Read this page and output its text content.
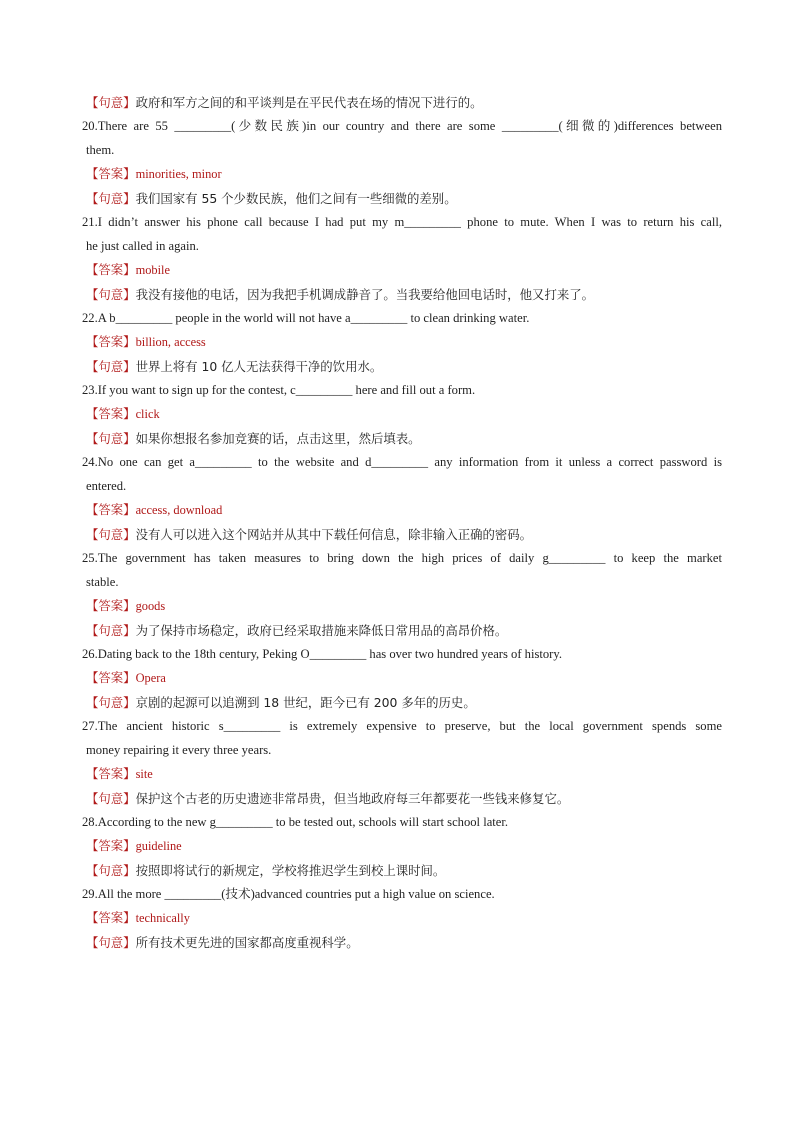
【句意】政府和军方之间的和平谈判是在平民代表在场的情况下进行的。
20.There are 55 _________(少数民族)in our country and there are some _________(细微的)differences between
them.
【答案】minorities, minor
【句意】我们国家有 55 个少数民族，他们之间有一些细微的差别。
21.I didn’t answer his phone call because I had put my m_________ phone to mute. When I was to return his call,
he just called in again.
【答案】mobile
【句意】我没有接他的电话，因为我把手机调成静音了。当我要给他回电话时，他又打来了。
22.A b_________ people in the world will not have a_________ to clean drinking water.
【答案】billion, access
【句意】世界上将有 10 亿人无法获得干净的饮用水。
23.If you want to sign up for the contest, c_________ here and fill out a form.
【答案】click
【句意】如果你想报名参加竞赛的话，点击这里，然后填表。
24.No one can get a_________ to the website and d_________ any information from it unless a correct password is
entered.
【答案】access, download
【句意】没有人可以进入这个网站并从其中下载任何信息，除非输入正确的密码。
25.The government has taken measures to bring down the high prices of daily g_________ to keep the market
stable.
【答案】goods
【句意】为了保持市场稳定，政府已经采取措施来降低日常用品的高昂价格。
26.Dating back to the 18th century, Peking O_________ has over two hundred years of history.
【答案】Opera
【句意】京剧的起源可以追溯到 18 世纪，距今已有 200 多年的历史。
27.The ancient historic s_________ is extremely expensive to preserve, but the local government spends some
money repairing it every three years.
【答案】site
【句意】保护这个古老的历史遗迹非常昂贵，但当地政府每三年都要花一些钱来修复它。
28.According to the new g_________ to be tested out, schools will start school later.
【答案】guideline
【句意】按照即将试行的新规定，学校将推迟学生到校上课时间。
29.All the more _________(技术)advanced countries put a high value on science.
【答案】technically
【句意】所有技术更先进的国家都高度重视科学。
